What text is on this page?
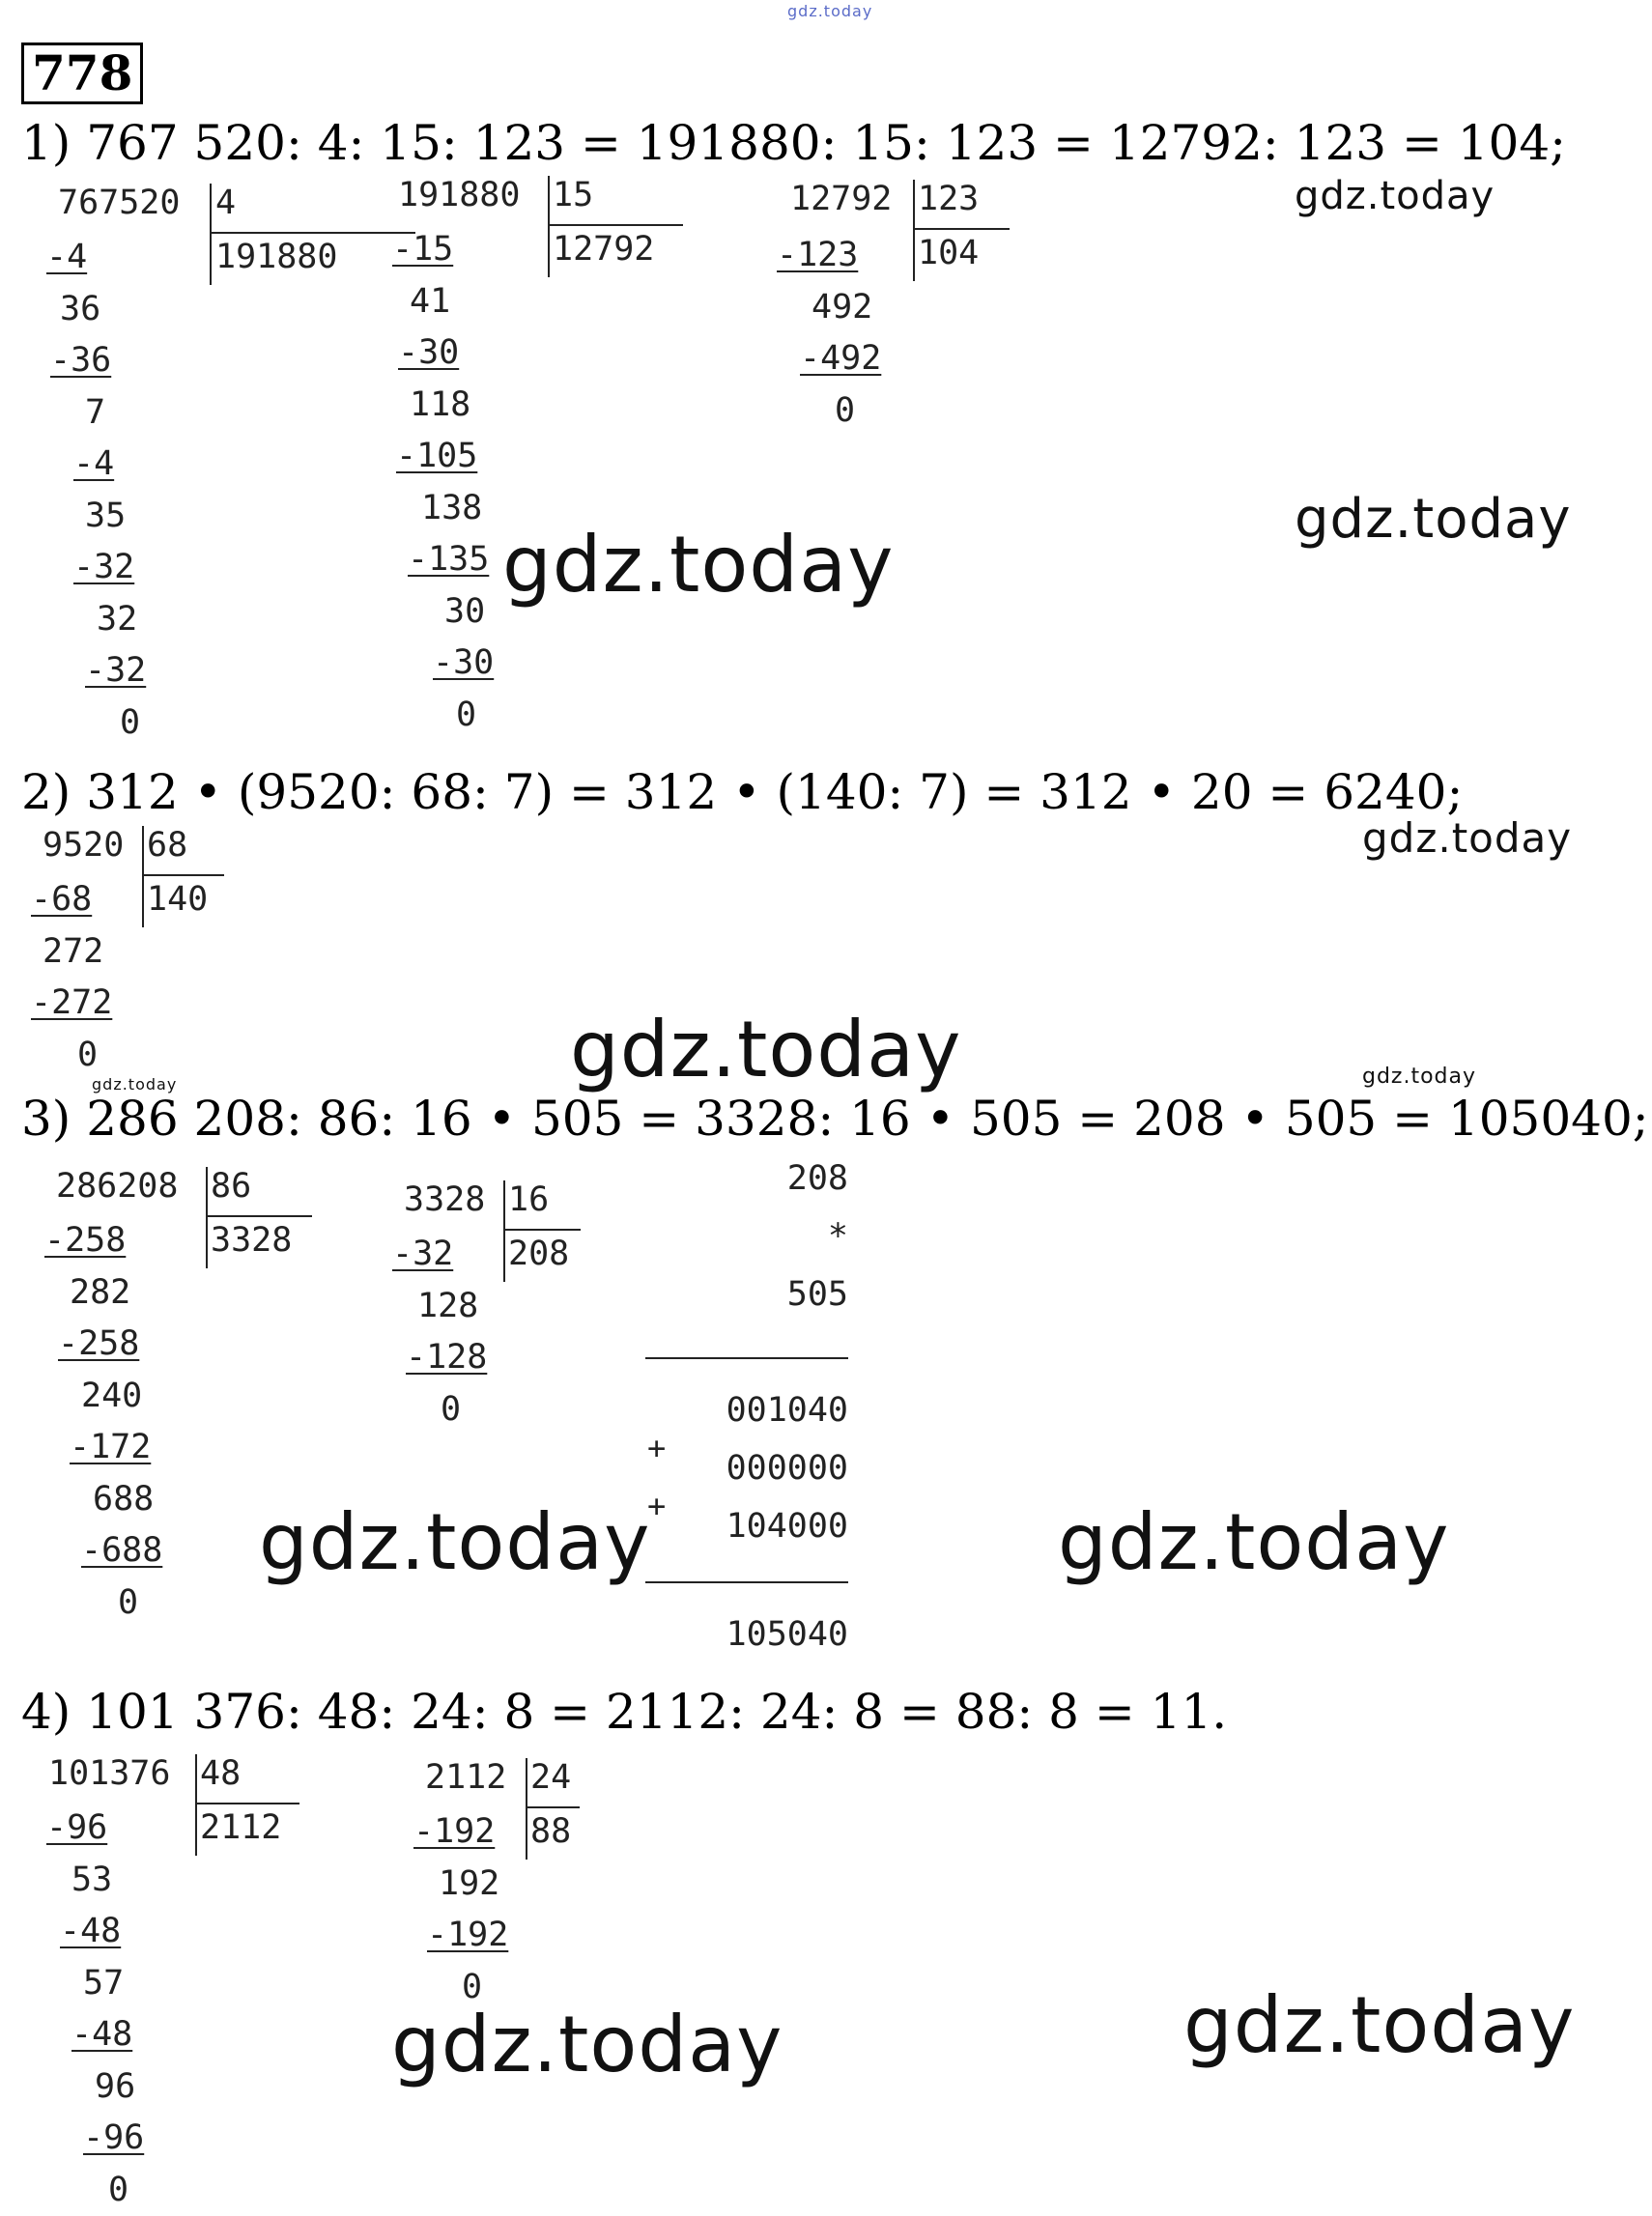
gdz.today
778
1) 767 520: 4: 15: 123 = 191880: 15: 123 = 12792: 123 = 104;
767520 4
191880
-4
36
-36
7
-4
35
-32
32
-32
0
191880 15
12792
-15
41
-30
118
-105
138
-135
30
-30
0
12792 123
104
-123
492
-492
0
gdz.today
gdz.today
gdz.today
2) 312 • (9520: 68: 7) = 312 • (140: 7) = 312 • 20 = 6240;
9520 68
140
-68
272
-272
0
gdz.today
gdz.today
gdz.today	gdz.today
3) 286 208: 86: 16 • 505 = 3328: 16 • 505 = 208 • 505 = 105040;
286208 86
3328
-258
282
-258
240
-172
688
-688
0
3328 16
208
-32
128
-128
0
208
*
505
001040
000000
104000
105040
+
+
gdz.today	gdz.today
4) 101 376: 48: 24: 8 = 2112: 24: 8 = 88: 8 = 11.
101376 48
2112
-96
53
-48
57
-48
96
-96
0
2112 24
88
-192
192
-192
0
gdz.today	gdz.today
